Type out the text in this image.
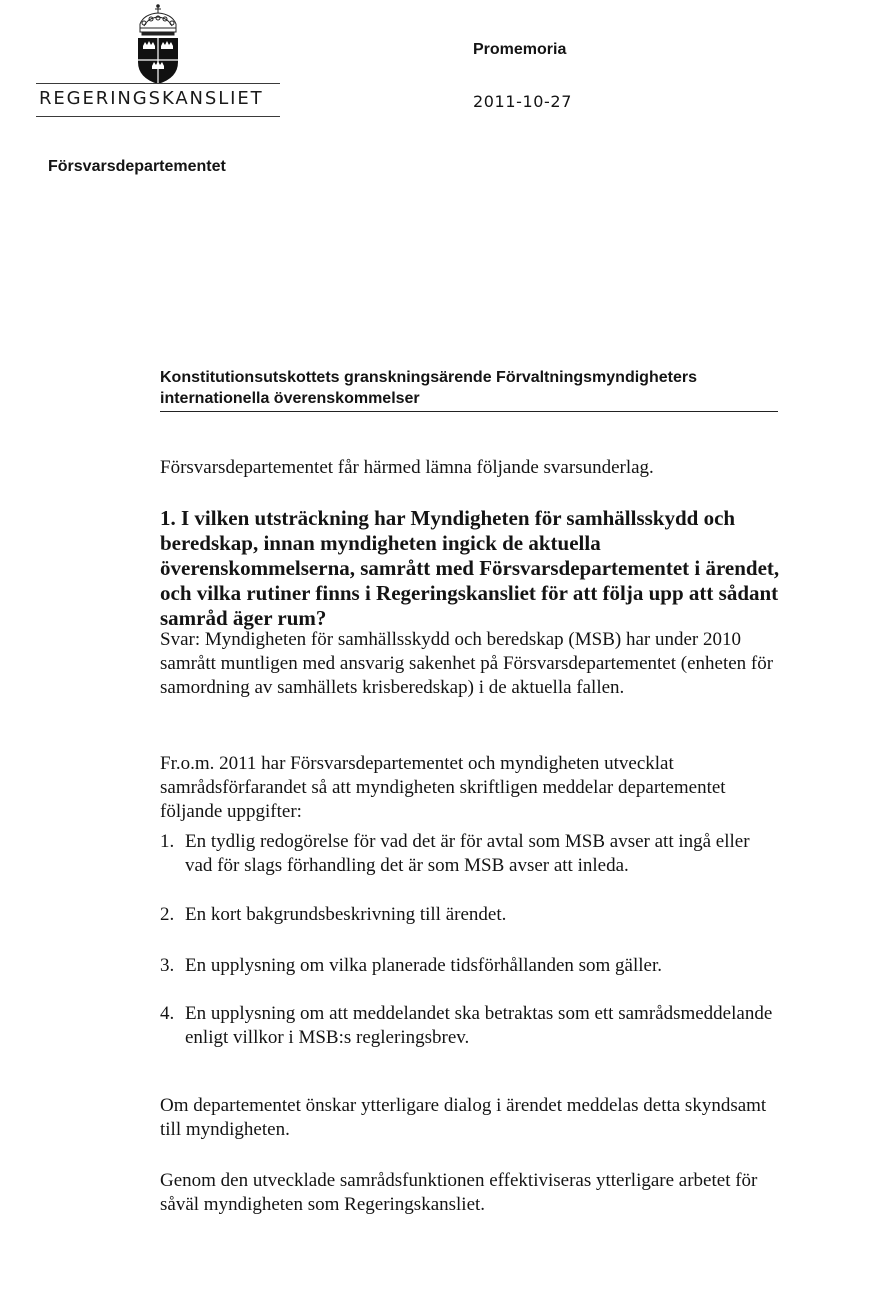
REGERINGSKANSLIET
Promemoria
2011-10-27
Försvarsdepartementet
Konstitutionsutskottets granskningsärende Förvaltningsmyndigheters internationella överenskommelser

Försvarsdepartementet får härmed lämna följande svarsunderlag.

1. I vilken utsträckning har Myndigheten för samhällsskydd och beredskap, innan myndigheten ingick de aktuella överenskommelserna, samrått med Försvarsdepartementet i ärendet, och vilka rutiner finns i Regeringskansliet för att följa upp att sådant samråd äger rum?

Svar: Myndigheten för samhällsskydd och beredskap (MSB) har under 2010 samrått muntligen med ansvarig sakenhet på Försvarsdepartementet (enheten för samordning av samhällets krisberedskap) i de aktuella fallen.

Fr.o.m. 2011 har Försvarsdepartementet och myndigheten utvecklat samrådsförfarandet så att myndigheten skriftligen meddelar departementet följande uppgifter:

1. En tydlig redogörelse för vad det är för avtal som MSB avser att ingå eller vad för slags förhandling det är som MSB avser att inleda.
2. En kort bakgrundsbeskrivning till ärendet.
3. En upplysning om vilka planerade tidsförhållanden som gäller.
4. En upplysning om att meddelandet ska betraktas som ett samrådsmeddelande enligt villkor i MSB:s regleringsbrev.

Om departementet önskar ytterligare dialog i ärendet meddelas detta skyndsamt till myndigheten.

Genom den utvecklade samrådsfunktionen effektiviseras ytterligare arbetet för såväl myndigheten som Regeringskansliet.
